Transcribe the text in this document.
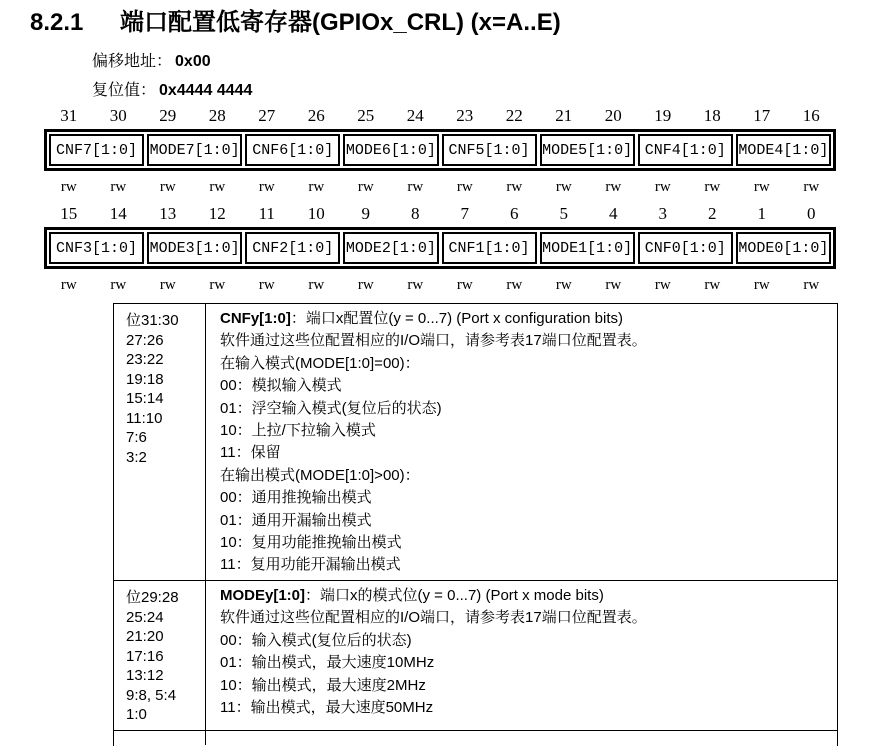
8.2.1	端口配置低寄存器(GPIOx_CRL) (x=A..E)
偏移地址： 0x00
复位值： 0x4444 4444
31	30	29	28	27	26	25	24	23	22	21	20	19	18	17	16
CNF7[1:0] MODE7[1:0] CNF6[1:0] MODE6[1:0] CNF5[1:0] MODE5[1:0] CNF4[1:0] MODE4[1:0]
rw	rw	rw	rw	rw	rw	rw	rw	rw	rw	rw	rw	rw	rw	rw	rw
15	14	13	12	11	10	9	8	7	6	5	4	3	2	1	0
CNF3[1:0] MODE3[1:0] CNF2[1:0] MODE2[1:0] CNF1[1:0] MODE1[1:0] CNF0[1:0] MODE0[1:0]
rw	rw	rw	rw	rw	rw	rw	rw	rw	rw	rw	rw	rw	rw	rw	rw
位31:30
27:26
23:22
19:18
15:14
11:10
7:6
3:2
CNFy[1:0]：端口x配置位(y = 0...7) (Port x configuration bits)
软件通过这些位配置相应的I/O端口，请参考表17端口位配置表。
在输入模式(MODE[1:0]=00)：
00：模拟输入模式
01：浮空输入模式(复位后的状态)
10：上拉/下拉输入模式
11：保留
在输出模式(MODE[1:0]>00)：
00：通用推挽输出模式
01：通用开漏输出模式
10：复用功能推挽输出模式
11：复用功能开漏输出模式
位29:28
25:24
21:20
17:16
13:12
9:8, 5:4
1:0
MODEy[1:0]：端口x的模式位(y = 0...7) (Port x mode bits)
软件通过这些位配置相应的I/O端口，请参考表17端口位配置表。
00：输入模式(复位后的状态)
01：输出模式，最大速度10MHz
10：输出模式，最大速度2MHz
11：输出模式，最大速度50MHz
